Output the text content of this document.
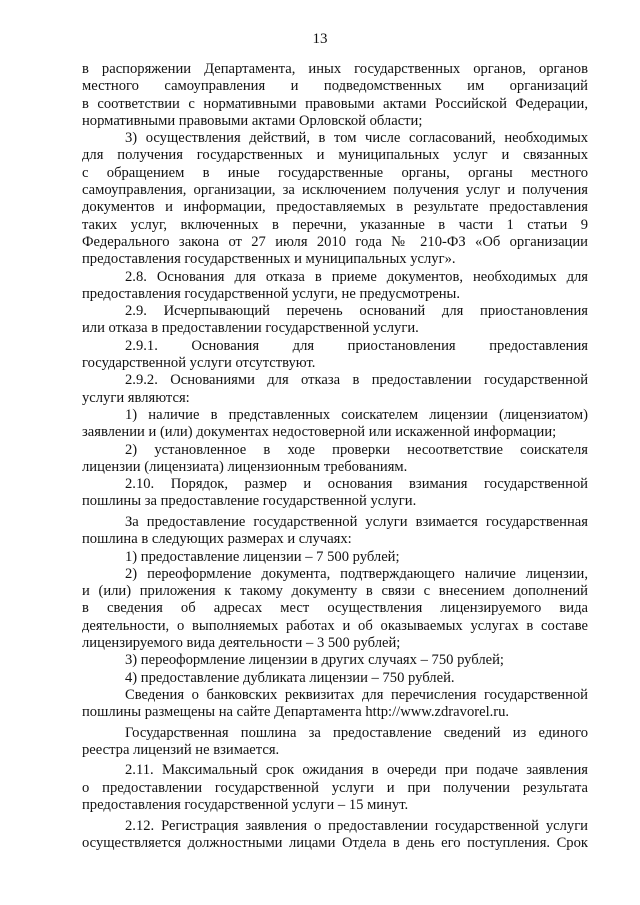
13

в распоряжении Департамента, иных государственных органов, органов

местного самоуправления и подведомственных им организаций

в соответствии с нормативными правовыми актами Российской Федерации,

нормативными правовыми актами Орловской области;

3) осуществления действий, в том числе согласований, необходимых

для получения государственных и муниципальных услуг и связанных

с обращением в иные государственные органы, органы местного

самоуправления, организации, за исключением получения услуг и получения

документов и информации, предоставляемых в результате предоставления

таких услуг, включенных в перечни, указанные в части 1 статьи 9

Федерального закона от 27 июля 2010 года № 210-ФЗ «Об организации

предоставления государственных и муниципальных услуг».

2.8. Основания для отказа в приеме документов, необходимых для

предоставления государственной услуги, не предусмотрены.

2.9. Исчерпывающий перечень оснований для приостановления

или отказа в предоставлении государственной услуги.

2.9.1. Основания для приостановления предоставления

государственной услуги отсутствуют.

2.9.2. Основаниями для отказа в предоставлении государственной

услуги являются:

1) наличие в представленных соискателем лицензии (лицензиатом)

заявлении и (или) документах недостоверной или искаженной информации;

2) установленное в ходе проверки несоответствие соискателя

лицензии (лицензиата) лицензионным требованиям.

2.10. Порядок, размер и основания взимания государственной

пошлины за предоставление государственной услуги.

За предоставление государственной услуги взимается государственная

пошлина в следующих размерах и случаях:

1) предоставление лицензии – 7 500 рублей;

2) переоформление документа, подтверждающего наличие лицензии,

и (или) приложения к такому документу в связи с внесением дополнений

в сведения об адресах мест осуществления лицензируемого вида

деятельности, о выполняемых работах и об оказываемых услугах в составе

лицензируемого вида деятельности – 3 500 рублей;

3) переоформление лицензии в других случаях – 750 рублей;

4) предоставление дубликата лицензии – 750 рублей.

Сведения о банковских реквизитах для перечисления государственной

пошлины размещены на сайте Департамента http://www.zdravorel.ru.

Государственная пошлина за предоставление сведений из единого

реестра лицензий не взимается.

2.11. Максимальный срок ожидания в очереди при подаче заявления

о предоставлении государственной услуги и при получении результата

предоставления государственной услуги – 15 минут.

2.12. Регистрация заявления о предоставлении государственной услуги

осуществляется должностными лицами Отдела в день его поступления. Срок
